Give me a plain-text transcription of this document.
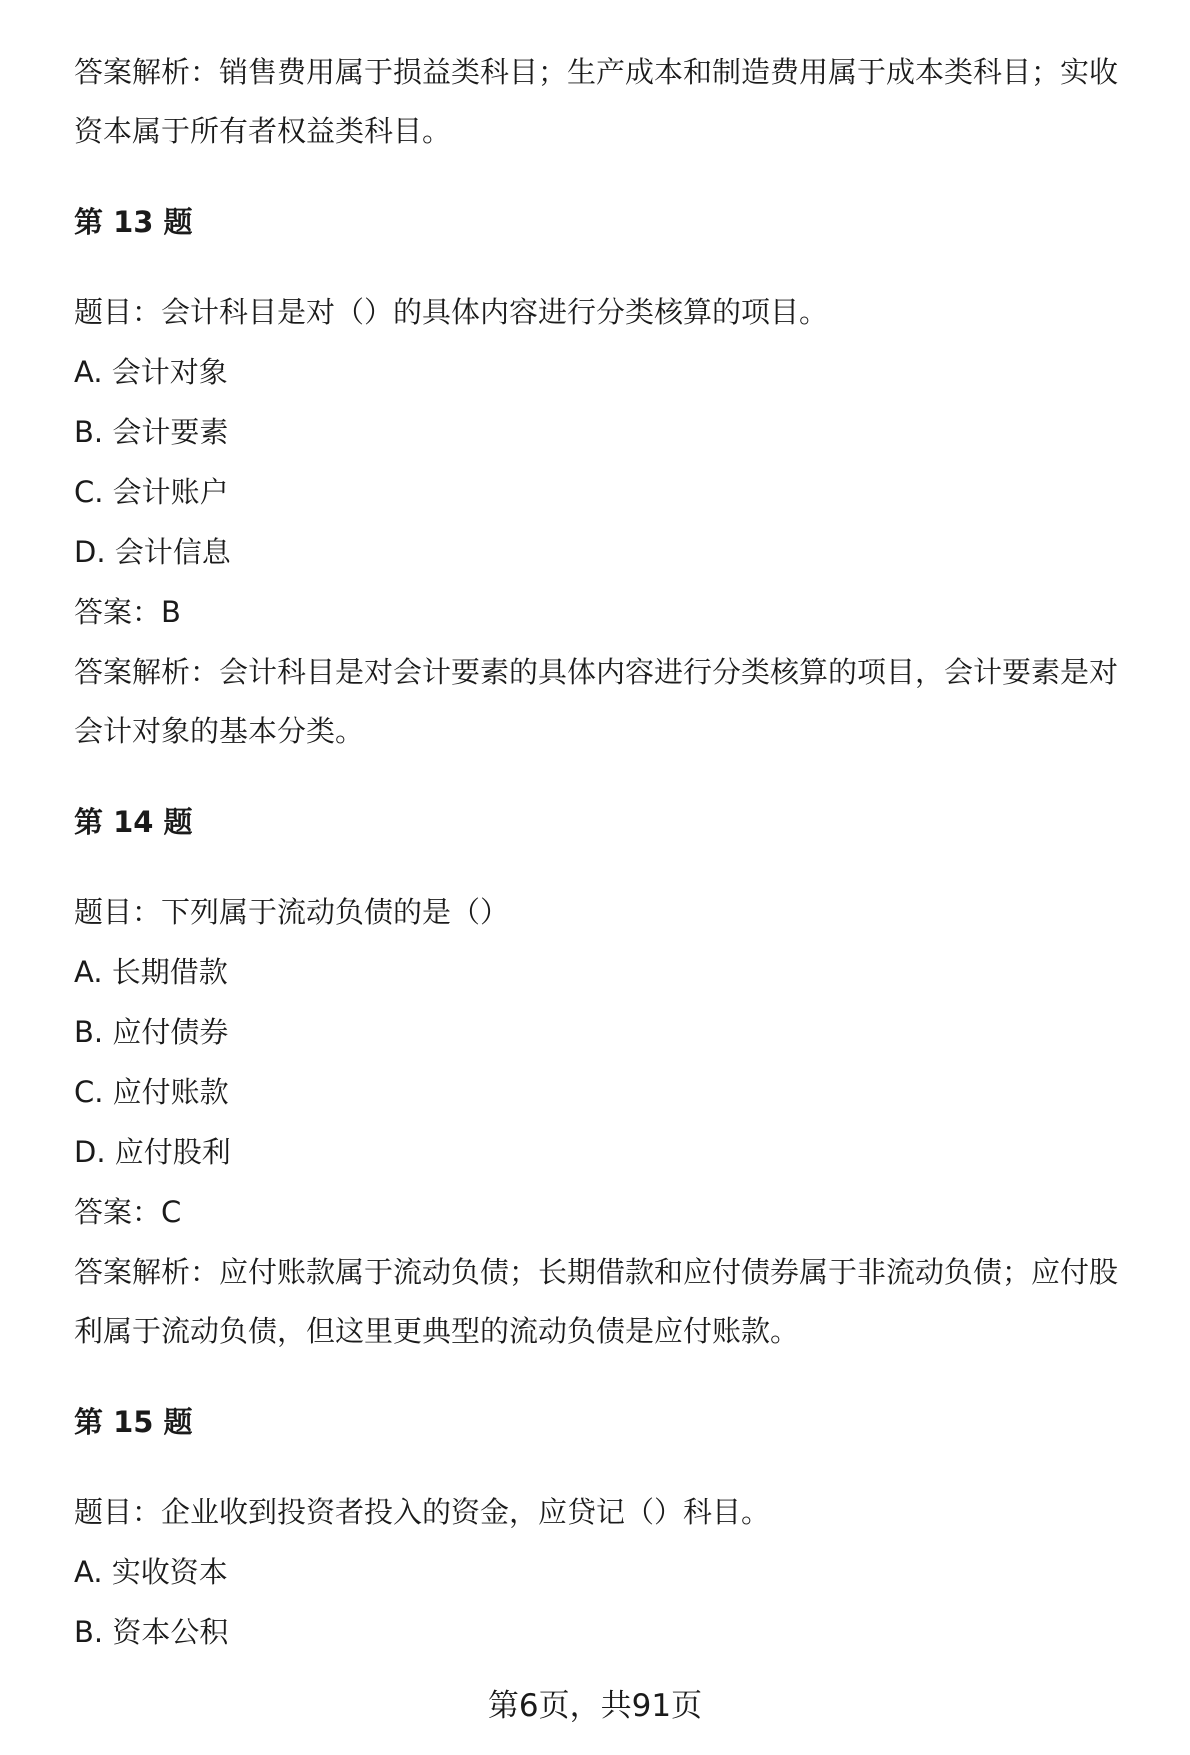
答案解析：销售费用属于损益类科目；生产成本和制造费用属于成本类科目；实收
资本属于所有者权益类科目。
第 13 题
题目：会计科目是对（）的具体内容进行分类核算的项目。
A. 会计对象
B. 会计要素
C. 会计账户
D. 会计信息
答案：B
答案解析：会计科目是对会计要素的具体内容进行分类核算的项目，会计要素是对
会计对象的基本分类。
第 14 题
题目：下列属于流动负债的是（）
A. 长期借款
B. 应付债券
C. 应付账款
D. 应付股利
答案：C
答案解析：应付账款属于流动负债；长期借款和应付债券属于非流动负债；应付股
利属于流动负债，但这里更典型的流动负债是应付账款。
第 15 题
题目：企业收到投资者投入的资金，应贷记（）科目。
A. 实收资本
B. 资本公积
第6页，共91页
